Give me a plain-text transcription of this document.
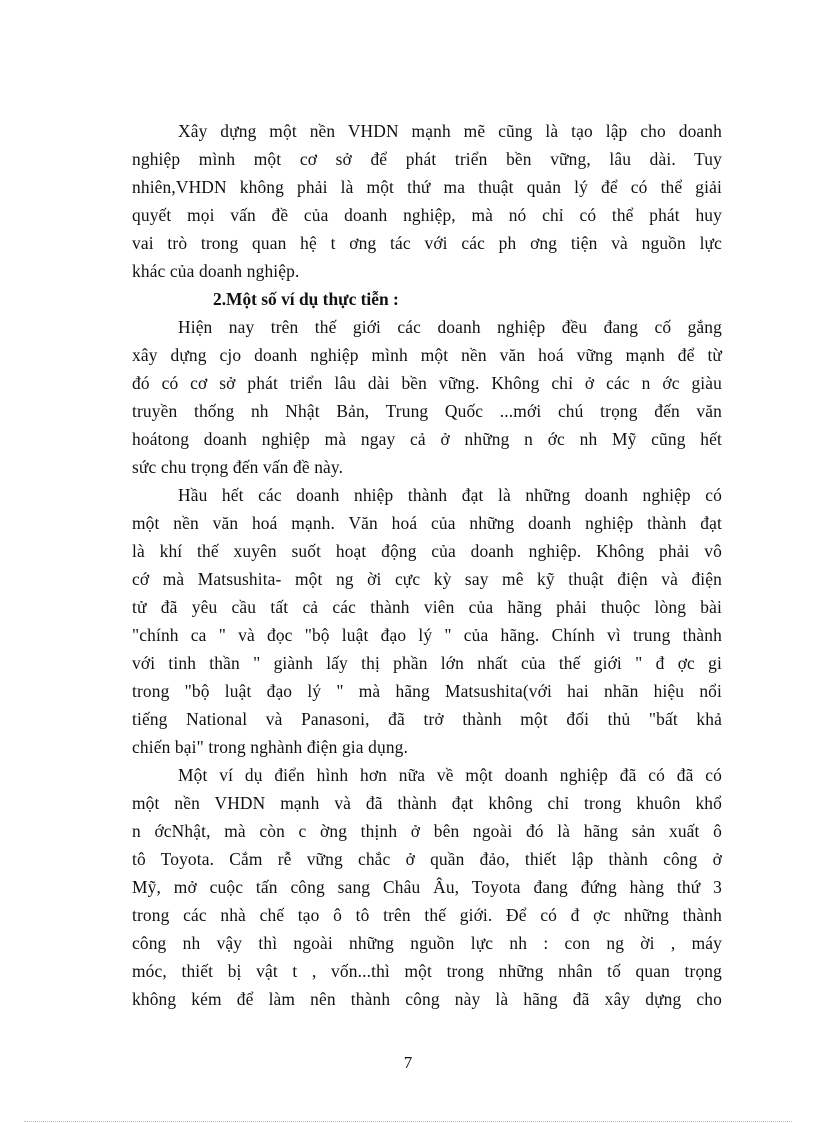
Xây dựng một nền VHDN mạnh mẽ cũng là tạo lập cho doanh
nghiệp mình một cơ sở để phát triển bền vững, lâu dài. Tuy
nhiên,VHDN không phải là một thứ ma thuật quản lý để có thể giải
quyết mọi vấn đề của doanh nghiệp, mà nó chỉ có thể phát huy
vai trò trong quan hệ t ơng tác với các ph ơng tiện và nguồn lực
khác của doanh nghiệp.
2.Một số ví dụ thực tiễn :
Hiện nay trên thế giới các doanh nghiệp đều đang cố gắng
xây dựng cjo doanh nghiệp mình một nền văn hoá vững mạnh để từ
đó có cơ sở phát triển lâu dài bền vững. Không chỉ ở các n ớc giàu
truyền thống nh Nhật Bản, Trung Quốc ...mới chú trọng đến văn
hoátong doanh nghiệp mà ngay cả ở những n ớc nh Mỹ cũng hết
sức chu trọng đến vấn đề này.
Hầu hết các doanh nhiệp thành đạt là những doanh nghiệp có
một nền văn hoá mạnh. Văn hoá của những doanh nghiệp thành đạt
là khí thế xuyên suốt hoạt động của doanh nghiệp. Không phải vô
cớ mà Matsushita- một ng ời cực kỳ say mê kỹ thuật điện và điện
tử đã yêu cầu tất cả các thành viên của hãng phải thuộc lòng bài
"chính ca " và đọc "bộ luật đạo lý " của hãng. Chính vì trung thành
với tinh thần " giành lấy thị phần lớn nhất của thế giới " đ ợc gi
trong "bộ luật đạo lý " mà hãng Matsushita(với hai nhãn hiệu nổi
tiếng National và Panasoni, đã trở thành một đối thủ "bất khả
chiến bại" trong nghành điện gia dụng.
Một ví dụ điển hình hơn nữa về một doanh nghiệp đã có đã có
một nền VHDN mạnh và đã thành đạt không chỉ trong khuôn khổ
n ớcNhật, mà còn c ờng thịnh ở bên ngoài đó là hãng sản xuất ô
tô Toyota. Cắm rễ vững chắc ở quần đảo, thiết lập thành công ở
Mỹ, mở cuộc tấn công sang Châu Âu, Toyota đang đứng hàng thứ 3
trong các nhà chế tạo ô tô trên thế giới. Để có đ ợc những thành
công nh vậy thì ngoài những nguồn lực nh : con ng ời , máy
móc, thiết bị vật t , vốn...thì một trong những nhân tố quan trọng
không kém để làm nên thành công này là hãng đã xây dựng cho
7
